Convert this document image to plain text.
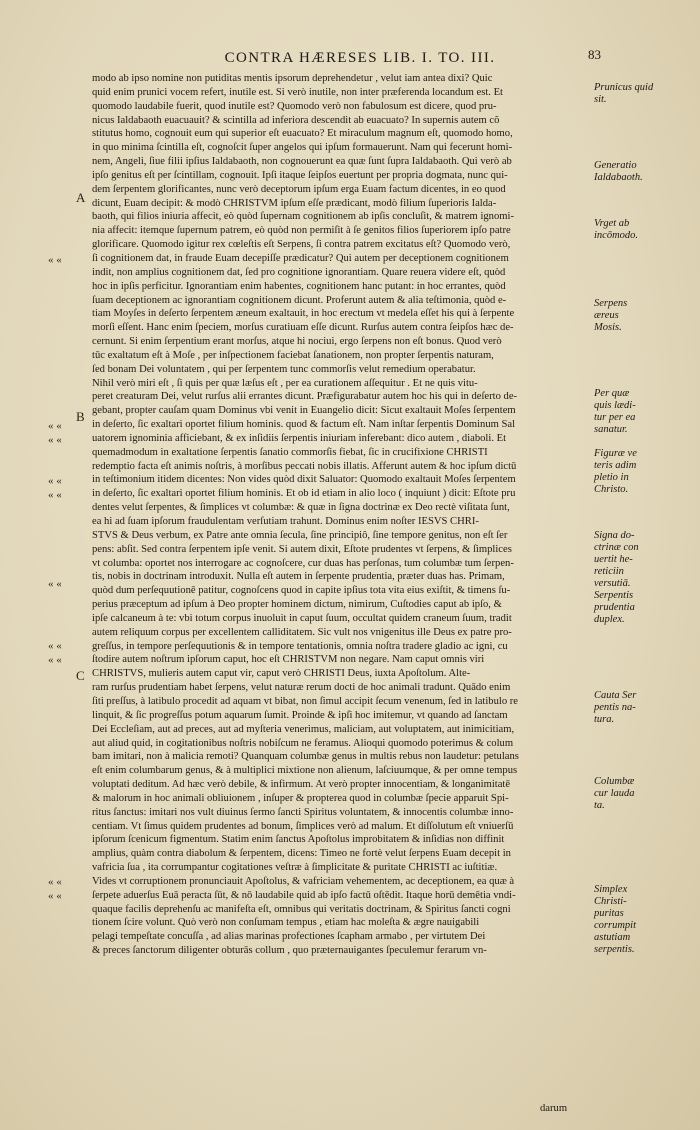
CONTRA HÆRESES LIB. I. TO. III.	83
modo ab ipso nomine non putiditas mentis ipsorum deprehendetur , velut iam antea dixi? Quic
quid enim prunici vocem refert, inutile est. Si verò inutile, non inter præferenda locandum est. Et
quomodo laudabile fuerit, quod inutile est? Quomodo verò non fabulosum est dicere, quod pru-
nicus Ialdabaoth euacuauit? & scintilla ad inferiora descendit ab euacuato? In supernis autem cõ
stitutus homo, cognouit eum qui superior eſt euacuato? Et miraculum magnum eſt, quomodo homo,
in quo minima ſcintilla eſt, cognoſcit ſuper angelos qui ipſum formauerunt. Nam qui fecerunt homi-
nem, Angeli, ſiue filii ipſius Ialdabaoth, non cognouerunt ea quæ ſunt ſupra Ialdabaoth. Qui verò ab
ipſo genitus eſt per ſcintillam, cognouit. Ipſi itaque ſeipſos euertunt per propria dogmata, nunc qui-
dem ſerpentem glorificantes, nunc verò deceptorum ipſum erga Euam factum dicentes, in eo quod
dicunt, Euam decipit: & modò CHRISTVM ipſum eſſe prædicant, modò filium ſuperioris Ialda-
baoth, qui filios iniuria affecit, eò quòd ſupernam cognitionem ab ipſis concluſit, & matrem ignomi-
nia affecit: itemque ſupernum patrem, eò quòd non permiſit à ſe genitos filios ſuperiorem ipſo patre
glorificare. Quomodo igitur rex cœleſtis eſt Serpens, ſi contra patrem excitatus eſt? Quomodo verò,
ſi cognitionem dat, in fraude Euam decepiſſe prædicatur? Qui autem per deceptionem cognitionem
indit, non amplius cognitionem dat, ſed pro cognitione ignorantiam. Quare reuera videre eſt, quòd
hoc in ipſis perficitur. Ignorantiam enim habentes, cognitionem hanc putant: in hoc errantes, quòd
ſuam deceptionem ac ignorantiam cognitionem dicunt. Proferunt autem & alia teſtimonia, quòd e-
tiam Moyſes in deſerto ſerpentem æneum exaltauit, in hoc erectum vt medela eſſet his qui à ſerpente
morſi eſſent. Hanc enim ſpeciem, morſus curatiuam eſſe dicunt. Rurſus autem contra ſeipſos hæc de-
cernunt. Si enim ſerpentium erant morſus, atque hi nociui, ergo ſerpens non eſt bonus. Quod verò
tūc exaltatum eſt à Moſe , per inſpectionem faciebat ſanationem, non propter ſerpentis naturam,
ſed bonam Dei voluntatem , qui per ſerpentem tunc commorſis velut remedium operabatur.
Nihil verò miri eſt , ſi quis per quæ læſus eſt , per ea curationem aſſequitur . Et ne quis vitu-
peret creaturam Dei, velut rurſus alii errantes dicunt. Præfigurabatur autem hoc his qui in deſerto de-
gebant, propter cauſam quam Dominus vbi venit in Euangelio dicit: Sicut exaltauit Moſes ſerpentem
in deſerto, ſic exaltari oportet filium hominis. quod & factum eſt. Nam inſtar ſerpentis Dominum Sal
uatorem ignominia afficiebant, & ex inſidiis ſerpentis iniuriam inferebant: dico autem , diaboli. Et
quemadmodum in exaltatione ſerpentis ſanatio commorſis fiebat, ſic in crucifixione CHRISTI
redemptio facta eſt animis noſtris, à morſibus peccati nobis illatis. Afferunt autem & hoc ipſum dictū
in teſtimonium itidem dicentes: Non vides quòd dixit Saluator: Quomodo exaltauit Moſes ſerpentem
in deſerto, ſic exaltari oportet filium hominis. Et ob id etiam in alio loco ( inquiunt ) dicit: Eſtote pru
dentes velut ſerpentes, & ſimplices vt columbæ: & quæ in ſigna doctrinæ ex Deo rectè viſitata ſunt,
ea hi ad ſuam ipſorum fraudulentam verſutiam trahunt. Dominus enim noſter IESVS CHRI-
STVS & Deus verbum, ex Patre ante omnia ſecula, ſine principiô, ſine tempore genitus, non eſt ſer
pens: abſit. Sed contra ſerpentem ipſe venit. Si autem dixit, Eſtote prudentes vt ſerpens, & ſimplices
vt columba: oportet nos interrogare ac cognoſcere, cur duas has perſonas, tum columbæ tum ſerpen-
tis, nobis in doctrinam introduxit. Nulla eſt autem in ſerpente prudentia, præter duas has. Primam,
quòd dum perſequutionē patitur, cognoſcens quod in capite ipſius tota vita eius exiſtit, & timens ſu-
perius præceptum ad ipſum à Deo propter hominem dictum, nimirum, Cuſtodies caput ab ipſo, &
ipſe calcaneum à te: vbi totum corpus inuoluit in caput ſuum, occultat quidem craneum ſuum, tradit
autem reliquum corpus per excellentem calliditatem. Sic vult nos vnigenitus ille Deus ex patre pro-
greſſus, in tempore perſequutionis & in tempore tentationis, omnia noſtra tradere gladio ac igni, cu
ſtodire autem noſtrum ipſorum caput, hoc eſt CHRISTVM non negare. Nam caput omnis viri
CHRISTVS, mulieris autem caput vir, caput verò CHRISTI Deus, iuxta Apoſtolum. Alte-
ram rurſus prudentiam habet ſerpens, velut naturæ rerum docti de hoc animali tradunt. Quādo enim
ſiti preſſus, à latibulo procedit ad aquam vt bibat, non ſimul accipit ſecum venenum, ſed in latibulo re
linquit, & ſic progreſſus potum aquarum ſumit. Proinde & ipſi hoc imitemur, vt quando ad ſanctam
Dei Eccleſiam, aut ad preces, aut ad myſteria venerimus, maliciam, aut voluptatem, aut inimicitiam,
aut aliud quid, in cogitationibus noſtris nobiſcum ne feramus. Alioqui quomodo poterimus & colum
bam imitari, non à malicia remoti? Quanquam columbæ genus in multis rebus non laudetur: petulans
eſt enim columbarum genus, & à multiplici mixtione non alienum, laſciuumque, & per omne tempus
voluptati deditum. Ad hæc verò debile, & infirmum. At verò propter innocentiam, & longanimitatē
& malorum in hoc animali obliuionem , inſuper & propterea quod in columbæ ſpecie apparuit Spi-
ritus ſanctus: imitari nos vult diuinus ſermo ſancti Spiritus voluntatem, & innocentis columbæ inno-
centiam. Vt ſimus quidem prudentes ad bonum, ſimplices verò ad malum. Et diſſolutum eſt vniuerſū
ipſorum ſcenicum figmentum. Statim enim ſanctus Apoſtolus improbitatem & inſidias non diffinit
amplius, quàm contra diabolum & ſerpentem, dicens: Timeo ne fortè velut ſerpens Euam decepit in
vafricia ſua , ita corrumpantur cogitationes veſtræ à ſimplicitate & puritate CHRISTI ac iuſtitiæ.
Vides vt corruptionem pronunciauit Apoſtolus, & vafriciam vehementem, ac deceptionem, ea quæ à
ſerpete aduerſus Euā peracta ſūt, & nō laudabile quid ab ipſo factū oſtēdit. Itaque horū demētia vndi-
quaque facilis deprehenſu ac manifeſta eſt, omnibus qui veritatis doctrinam, & Spiritus ſancti cogni
tionem ſcire volunt. Quò verò non conſumam tempus , etiam hac moleſta & ægre nauigabili
pelagi tempeſtate concuſſa , ad alias marinas profectiones ſcapham armabo , per virtutem Dei
& preces ſanctorum diligenter obturās collum , quo præternauigantes ſpeculemur ferarum vn-
A
B
C
« «
« «
« «
« «
« «
« «
« «
« «
« «
« «
Prunicus quid sit.
Generatio Ialdabaoth.
Vrget ab incōmodo.
Serpens æreus Mosis.
Per quæ quis lædi-tur per ea sanatur.
Figuræ ve teris adim pletio in Christo.
Signa do-ctrinæ con uertit he-reticiin versutiā.
Serpentis prudentia duplex.
Cauta Ser pentis na-tura.
Columbæ cur lauda ta.
Simplex Christi-puritas corrumpit astutiam serpentis.
darum
